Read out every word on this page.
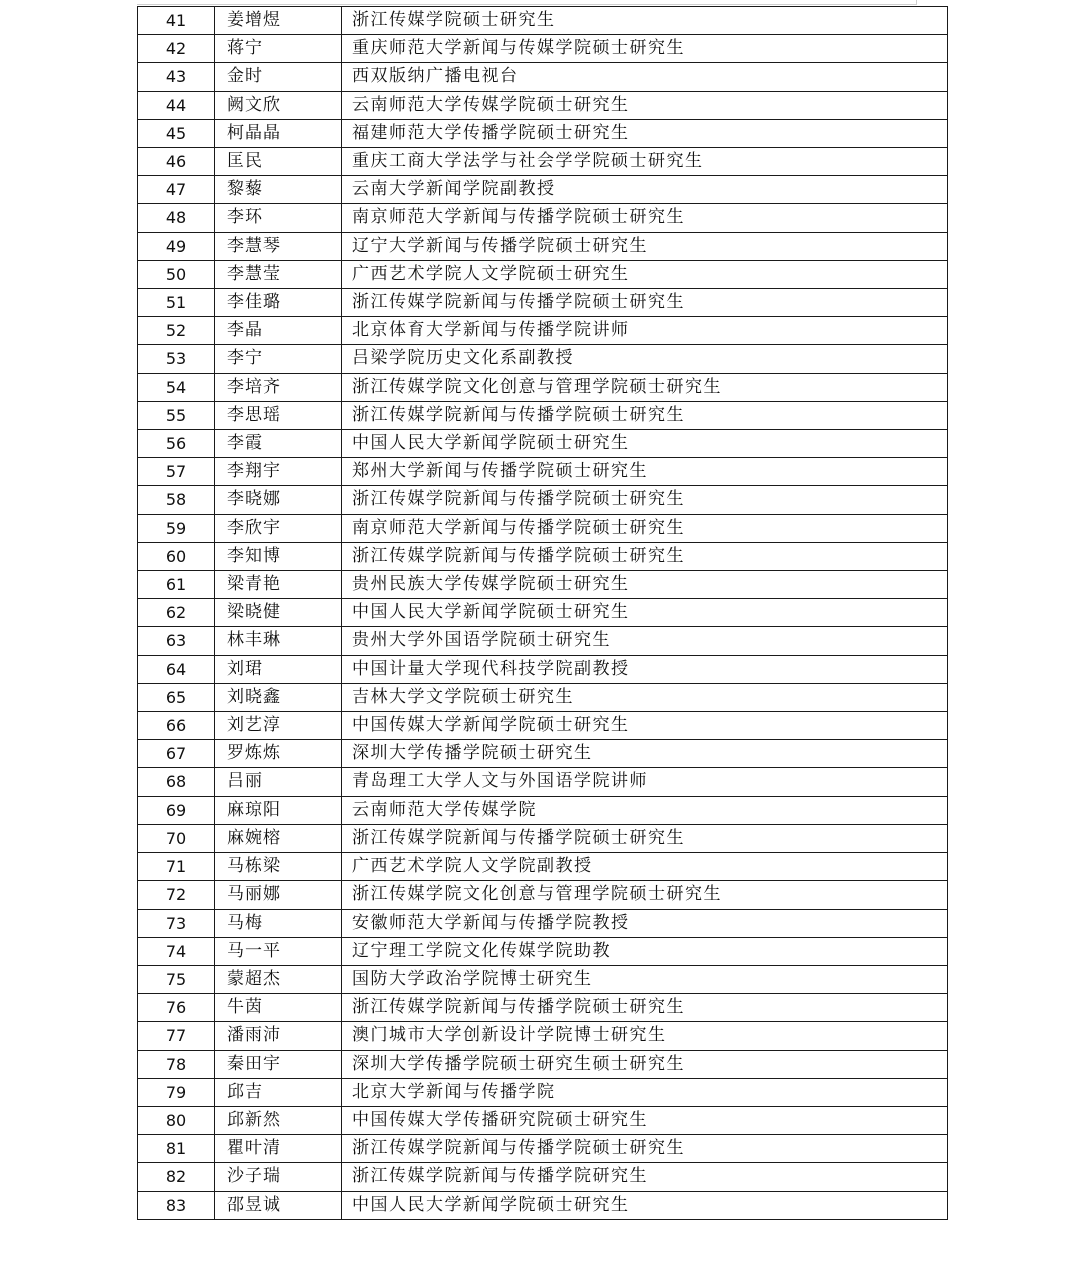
41	姜增煜	浙江传媒学院硕士研究生
42	蒋宁	重庆师范大学新闻与传媒学院硕士研究生
43	金时	西双版纳广播电视台
44	阙文欣	云南师范大学传媒学院硕士研究生
45	柯晶晶	福建师范大学传播学院硕士研究生
46	匡民	重庆工商大学法学与社会学学院硕士研究生
47	黎藜	云南大学新闻学院副教授
48	李环	南京师范大学新闻与传播学院硕士研究生
49	李慧琴	辽宁大学新闻与传播学院硕士研究生
50	李慧莹	广西艺术学院人文学院硕士研究生
51	李佳璐	浙江传媒学院新闻与传播学院硕士研究生
52	李晶	北京体育大学新闻与传播学院讲师
53	李宁	吕梁学院历史文化系副教授
54	李培齐	浙江传媒学院文化创意与管理学院硕士研究生
55	李思瑶	浙江传媒学院新闻与传播学院硕士研究生
56	李霞	中国人民大学新闻学院硕士研究生
57	李翔宇	郑州大学新闻与传播学院硕士研究生
58	李晓娜	浙江传媒学院新闻与传播学院硕士研究生
59	李欣宇	南京师范大学新闻与传播学院硕士研究生
60	李知博	浙江传媒学院新闻与传播学院硕士研究生
61	梁青艳	贵州民族大学传媒学院硕士研究生
62	梁晓健	中国人民大学新闻学院硕士研究生
63	林丰琳	贵州大学外国语学院硕士研究生
64	刘珺	中国计量大学现代科技学院副教授
65	刘晓鑫	吉林大学文学院硕士研究生
66	刘艺淳	中国传媒大学新闻学院硕士研究生
67	罗炼炼	深圳大学传播学院硕士研究生
68	吕丽	青岛理工大学人文与外国语学院讲师
69	麻琼阳	云南师范大学传媒学院
70	麻婉榕	浙江传媒学院新闻与传播学院硕士研究生
71	马栋梁	广西艺术学院人文学院副教授
72	马丽娜	浙江传媒学院文化创意与管理学院硕士研究生
73	马梅	安徽师范大学新闻与传播学院教授
74	马一平	辽宁理工学院文化传媒学院助教
75	蒙超杰	国防大学政治学院博士研究生
76	牛茵	浙江传媒学院新闻与传播学院硕士研究生
77	潘雨沛	澳门城市大学创新设计学院博士研究生
78	秦田宇	深圳大学传播学院硕士研究生硕士研究生
79	邱吉	北京大学新闻与传播学院
80	邱新然	中国传媒大学传播研究院硕士研究生
81	瞿叶清	浙江传媒学院新闻与传播学院硕士研究生
82	沙子瑞	浙江传媒学院新闻与传播学院研究生
83	邵昱诚	中国人民大学新闻学院硕士研究生
